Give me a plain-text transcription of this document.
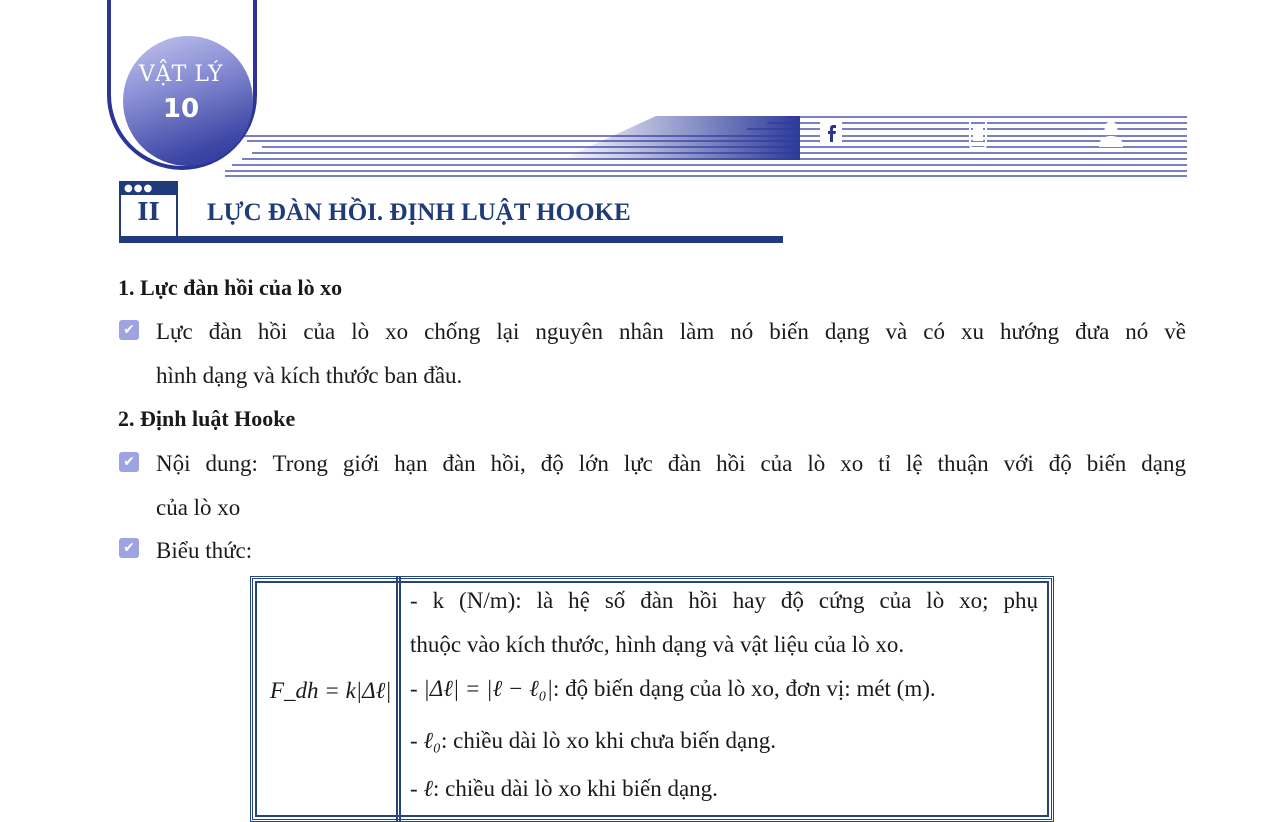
VẬT LÝ
10
●●●
II	LỰC ĐÀN HỒI. ĐỊNH LUẬT HOOKE
1. Lực đàn hồi của lò xo
✔ Lực đàn hồi của lò xo chống lại nguyên nhân làm nó biến dạng và có xu hướng đưa nó về
hình dạng và kích thước ban đầu.
2. Định luật Hooke
✔ Nội dung: Trong giới hạn đàn hồi, độ lớn lực đàn hồi của lò xo tỉ lệ thuận với độ biến dạng
của lò xo
✔ Biểu thức:
F_dh = k|Δℓ|
- k (N/m): là hệ số đàn hồi hay độ cứng của lò xo; phụ
thuộc vào kích thước, hình dạng và vật liệu của lò xo.
- |Δℓ| = |ℓ − ℓ₀|: độ biến dạng của lò xo, đơn vị: mét (m).
- ℓ₀: chiều dài lò xo khi chưa biến dạng.
- ℓ: chiều dài lò xo khi biến dạng.
